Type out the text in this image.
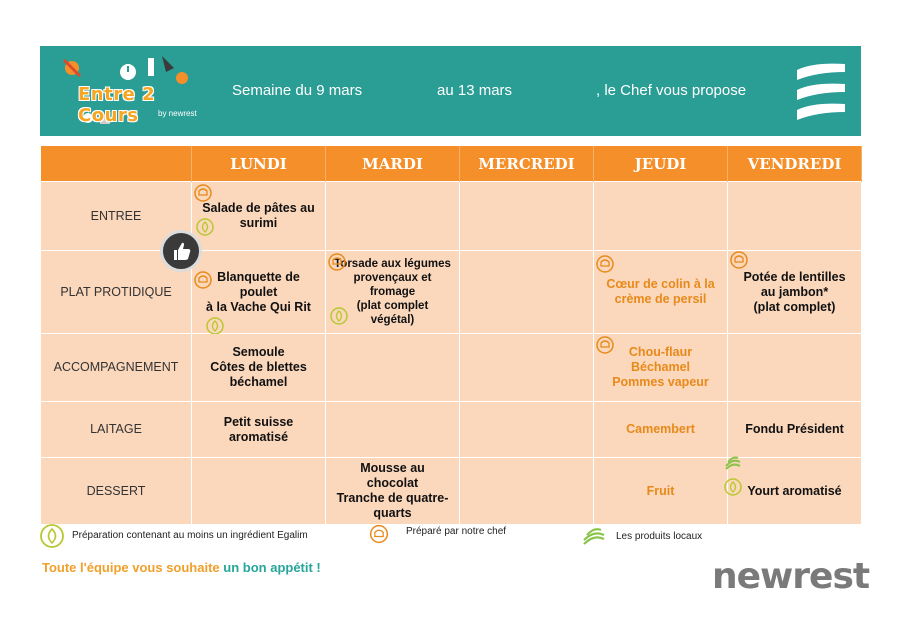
Entre 2 Cours	by newrest
Semaine du 9 mars	au 13 mars	, le Chef vous propose
	LUNDI	MARDI	MERCREDI	JEUDI	VENDREDI
ENTREE	Salade de pâtes au
surimi				

PLAT PROTIDIQUE	Blanquette de
poulet
à la Vache Qui Rit	Torsade aux légumes
provençaux et
fromage
(plat complet
végétal)		Cœur de colin à la
crème de persil	Potée de lentilles
au jambon*
(plat complet)

ACCOMPAGNEMENT	Semoule
Côtes de blettes
béchamel			Chou-flaur
Béchamel
Pommes vapeur	

LAITAGE	Petit suisse
aromatisé			Camembert	Fondu Président

DESSERT		Mousse au
chocolat
Tranche de quatre-
quarts		Fruit	Yourt aromatisé
Préparation contenant au moins un ingrédient Egalim	Préparé par notre chef	Les produits locaux
Toute l'équipe vous souhaite un bon appétit !	newrest
